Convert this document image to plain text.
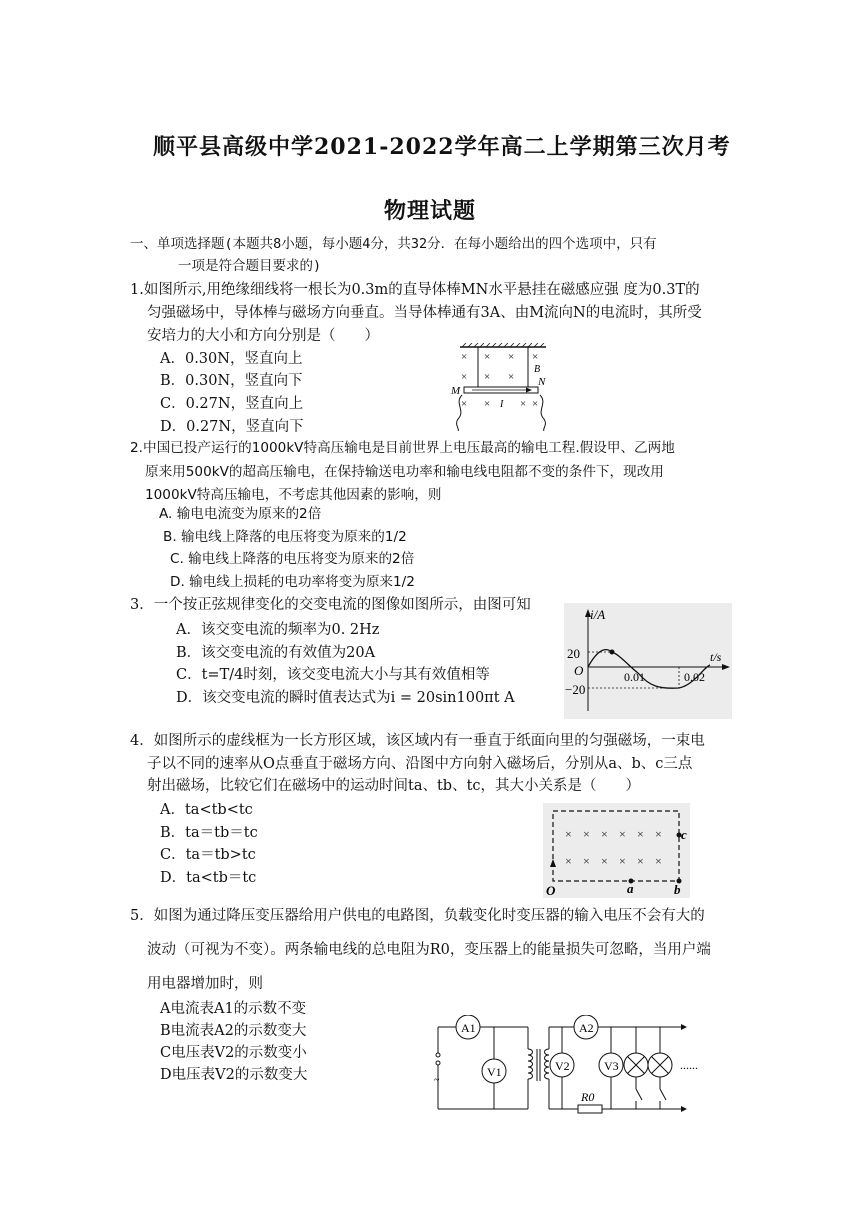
顺平县高级中学2021-2022学年高二上学期第三次月考
物理试题
一、单项选择题(本题共8小题，每小题4分，共32分．在每小题给出的四个选项中，只有
一项是符合题目要求的)
1.如图所示,用绝缘细线将一根长为0.3m的直导体棒MN水平悬挂在磁感应强 度为0.3T的
匀强磁场中，导体棒与磁场方向垂直。当导体棒通有3A、由M流向N的电流时，其所受
安培力的大小和方向分别是（　　）
A．0.30N，竖直向上
B．0.30N，竖直向下
C．0.27N，竖直向上
D．0.27N，竖直向下
× × × ×
× × ×
× ×	× ×
B
M
N
I
2.中国已投产运行的1000kV特高压输电是目前世界上电压最高的输电工程.假设甲、乙两地
原来用500kV的超高压输电，在保持输送电功率和输电线电阻都不变的条件下，现改用
1000kV特高压输电，不考虑其他因素的影响，则
A. 输电电流变为原来的2倍
B. 输电线上降落的电压将变为原来的1/2
C. 输电线上降落的电压将变为原来的2倍
D. 输电线上损耗的电功率将变为原来1/2
3．一个按正弦规律变化的交变电流的图像如图所示，由图可知
A．该交变电流的频率为0. 2Hz
B．该交变电流的有效值为20A
C．t=T/4时刻，该交变电流大小与其有效值相等
D．该交变电流的瞬时值表达式为i = 20sin100πt A
i/A
t/s
20
O
−20
0.01	0.02
4．如图所示的虚线框为一长方形区域，该区域内有一垂直于纸面向里的匀强磁场，一束电
子以不同的速率从O点垂直于磁场方向、沿图中方向射入磁场后，分别从a、b、c三点
射出磁场，比较它们在磁场中的运动时间ta、tb、tc，其大小关系是（　　）
A．ta<tb<tc
B．ta＝tb＝tc
C．ta＝tb>tc
D．ta<tb＝tc
× × × × × ×
× × × × × ×
O	a	b
c
5．如图为通过降压变压器给用户供电的电路图，负载变化时变压器的输入电压不会有大的
波动（可视为不变）。两条输电线的总电阻为R0，变压器上的能量损失可忽略，当用户端
用电器增加时，则
A电流表A1的示数不变
B电流表A2的示数变大
C电压表V2的示数变小
D电压表V2的示数变大	~
A1	A2
V1	V2	V3
R0
......
